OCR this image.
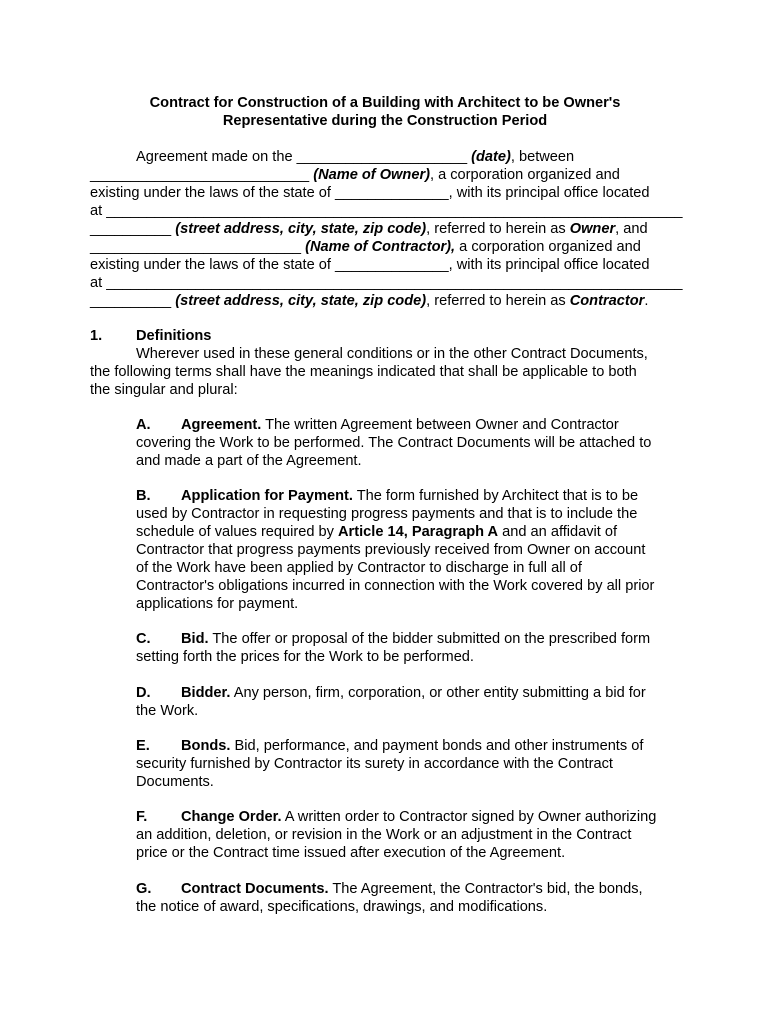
Contract for Construction of a Building with Architect to be Owner's
Representative during the Construction Period
Agreement made on the _____________________ (date), between
___________________________ (Name of Owner), a corporation organized and
existing under the laws of the state of ______________, with its principal office located
at _______________________________________________________________________
__________ (street address, city, state, zip code), referred to herein as Owner, and
__________________________ (Name of Contractor), a corporation organized and
existing under the laws of the state of ______________, with its principal office located
at _______________________________________________________________________
__________ (street address, city, state, zip code), referred to herein as Contractor.
1. Definitions
Wherever used in these general conditions or in the other Contract Documents,
the following terms shall have the meanings indicated that shall be applicable to both
the singular and plural:
A. Agreement. The written Agreement between Owner and Contractor
covering the Work to be performed. The Contract Documents will be attached to
and made a part of the Agreement.
B. Application for Payment. The form furnished by Architect that is to be
used by Contractor in requesting progress payments and that is to include the
schedule of values required by Article 14, Paragraph A and an affidavit of
Contractor that progress payments previously received from Owner on account
of the Work have been applied by Contractor to discharge in full all of
Contractor's obligations incurred in connection with the Work covered by all prior
applications for payment.
C. Bid. The offer or proposal of the bidder submitted on the prescribed form
setting forth the prices for the Work to be performed.
D. Bidder. Any person, firm, corporation, or other entity submitting a bid for
the Work.
E. Bonds. Bid, performance, and payment bonds and other instruments of
security furnished by Contractor its surety in accordance with the Contract
Documents.
F. Change Order. A written order to Contractor signed by Owner authorizing
an addition, deletion, or revision in the Work or an adjustment in the Contract
price or the Contract time issued after execution of the Agreement.
G. Contract Documents. The Agreement, the Contractor's bid, the bonds,
the notice of award, specifications, drawings, and modifications.
